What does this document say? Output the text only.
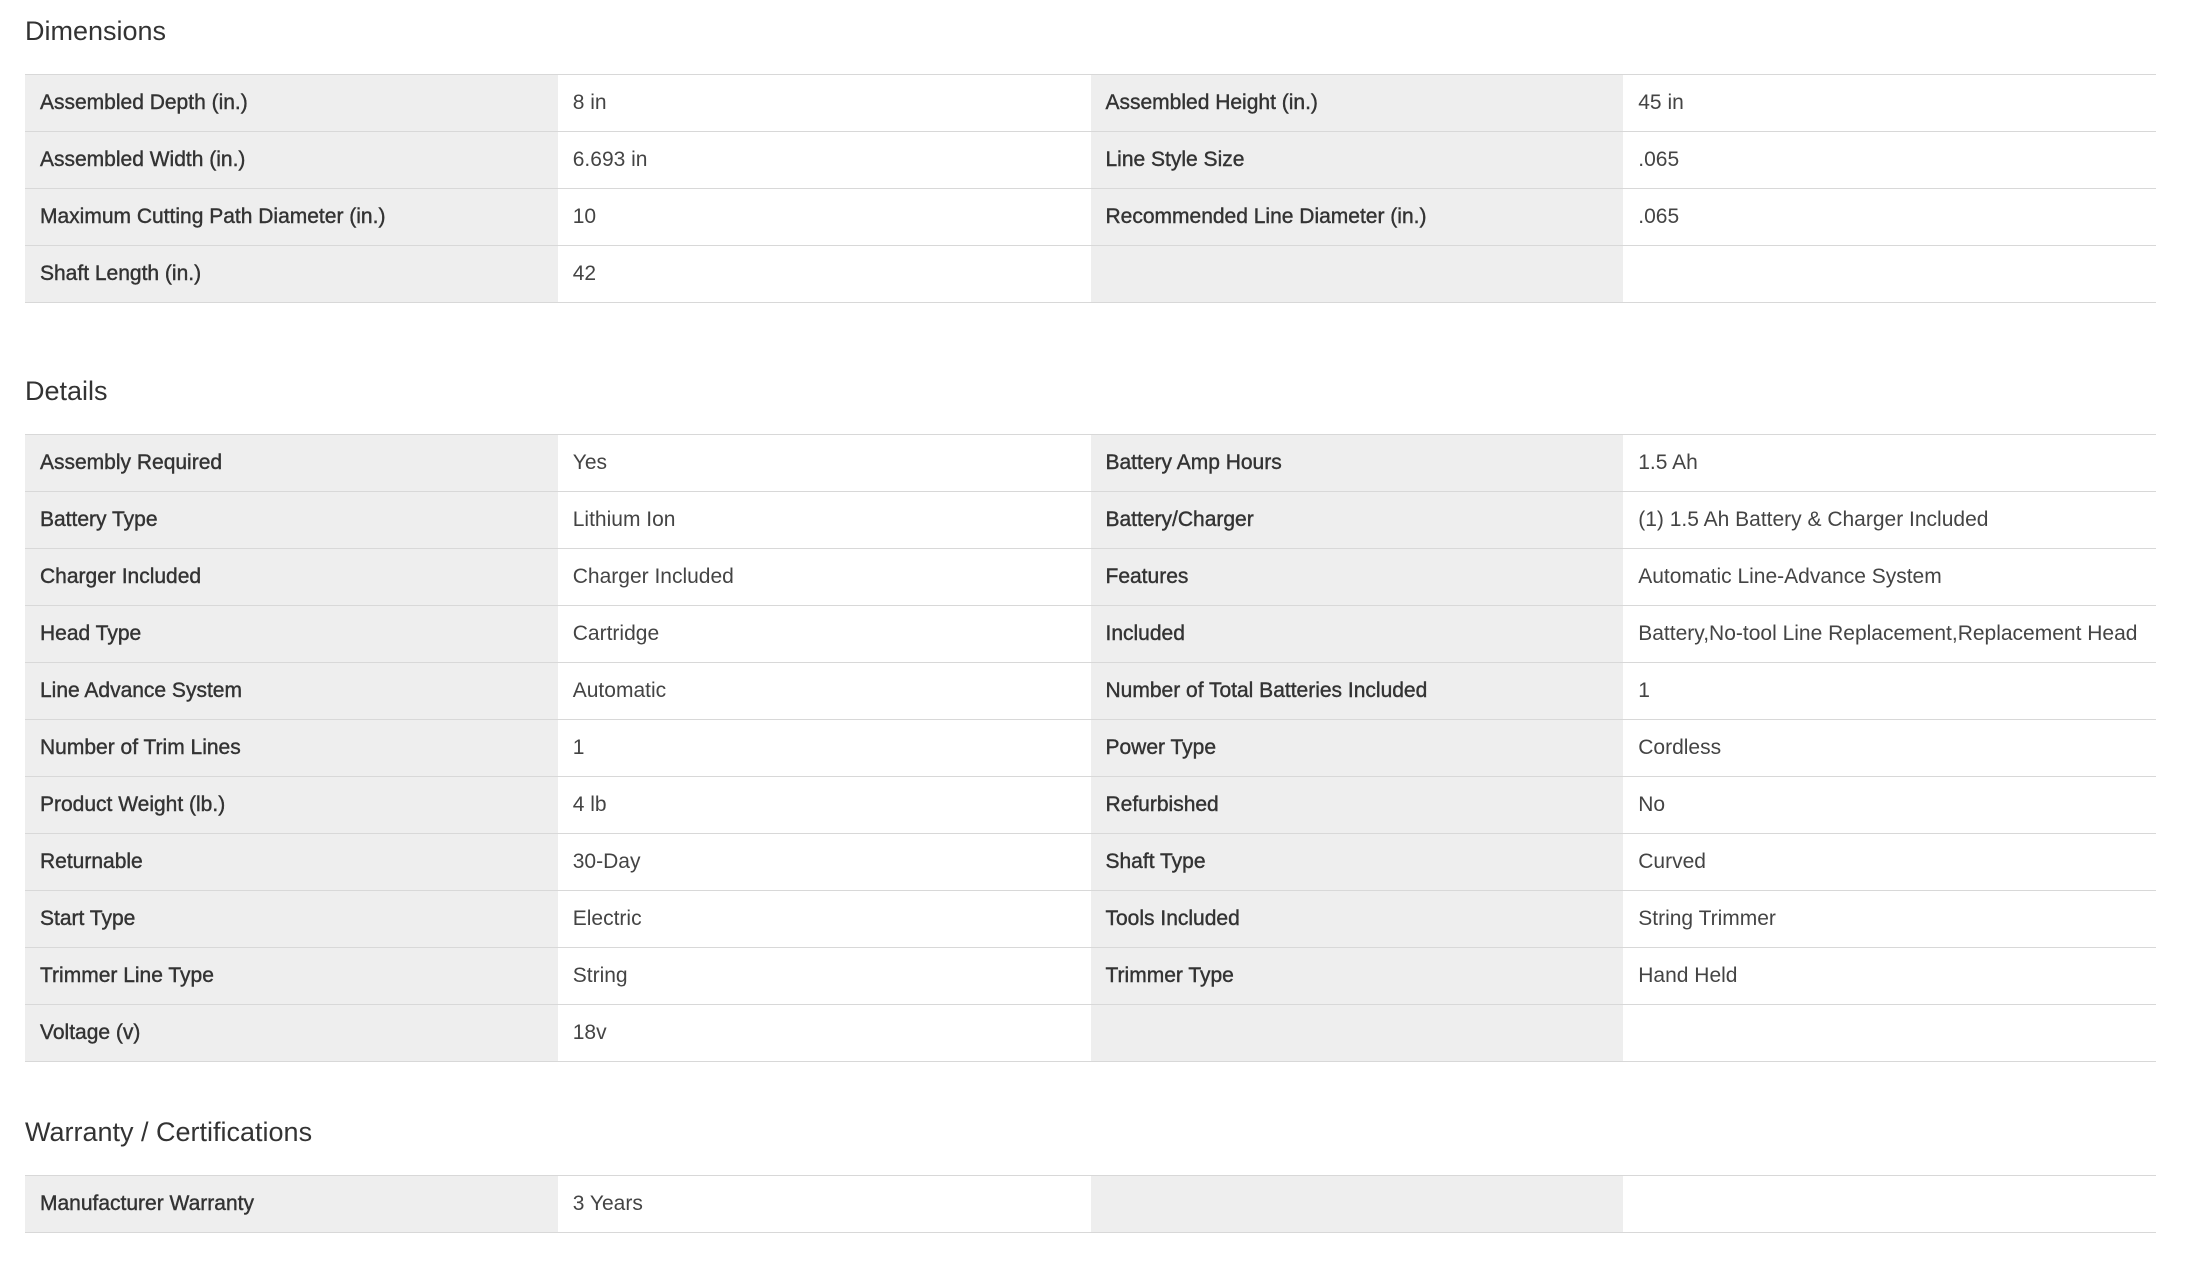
Dimensions
Assembled Depth (in.)	8 in	Assembled Height (in.)	45 in
Assembled Width (in.)	6.693 in	Line Style Size	.065
Maximum Cutting Path Diameter (in.)	10	Recommended Line Diameter (in.)	.065
Shaft Length (in.)	42		
Details
Assembly Required	Yes	Battery Amp Hours	1.5 Ah
Battery Type	Lithium Ion	Battery/Charger	(1) 1.5 Ah Battery & Charger Included
Charger Included	Charger Included	Features	Automatic Line-Advance System
Head Type	Cartridge	Included	Battery,No-tool Line Replacement,Replacement Head
Line Advance System	Automatic	Number of Total Batteries Included	1
Number of Trim Lines	1	Power Type	Cordless
Product Weight (lb.)	4 lb	Refurbished	No
Returnable	30-Day	Shaft Type	Curved
Start Type	Electric	Tools Included	String Trimmer
Trimmer Line Type	String	Trimmer Type	Hand Held
Voltage (v)	18v		
Warranty / Certifications
Manufacturer Warranty	3 Years		
